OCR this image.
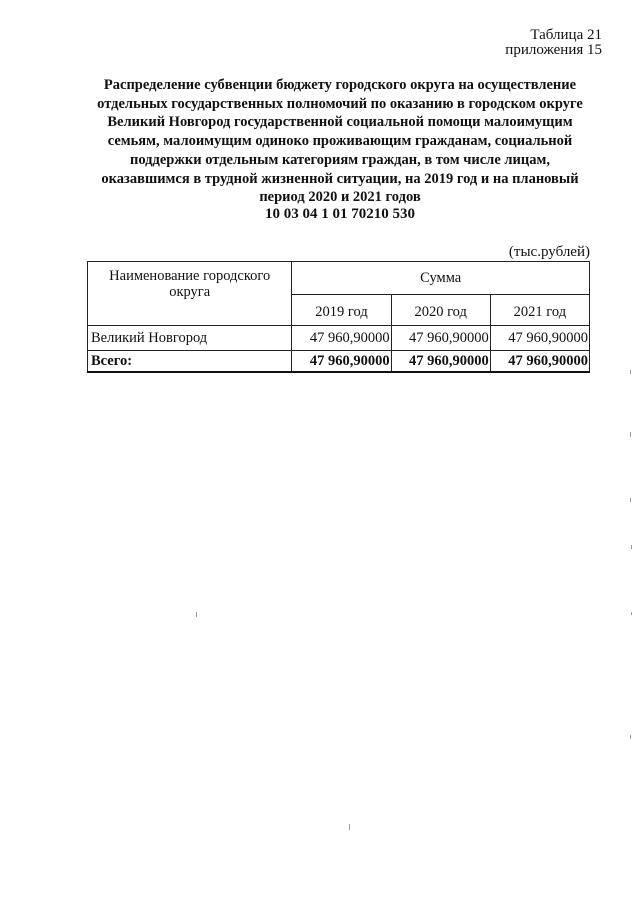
Таблица 21
приложения 15
Распределение субвенции бюджету городского округа на осуществление
отдельных государственных полномочий по оказанию в городском округе
Великий Новгород государственной социальной помощи малоимущим
семьям, малоимущим одиноко проживающим гражданам, социальной
поддержки отдельным категориям граждан, в том числе лицам,
оказавшимся в трудной жизненной ситуации, на 2019 год и на плановый
период 2020 и 2021 годов
10 03 04 1 01 70210 530
(тыс.рублей)
Наименование городского округа	Сумма		
	2019 год	2020 год	2021 год
Великий Новгород	47 960,90000	47 960,90000	47 960,90000
Всего:	47 960,90000	47 960,90000	47 960,90000
